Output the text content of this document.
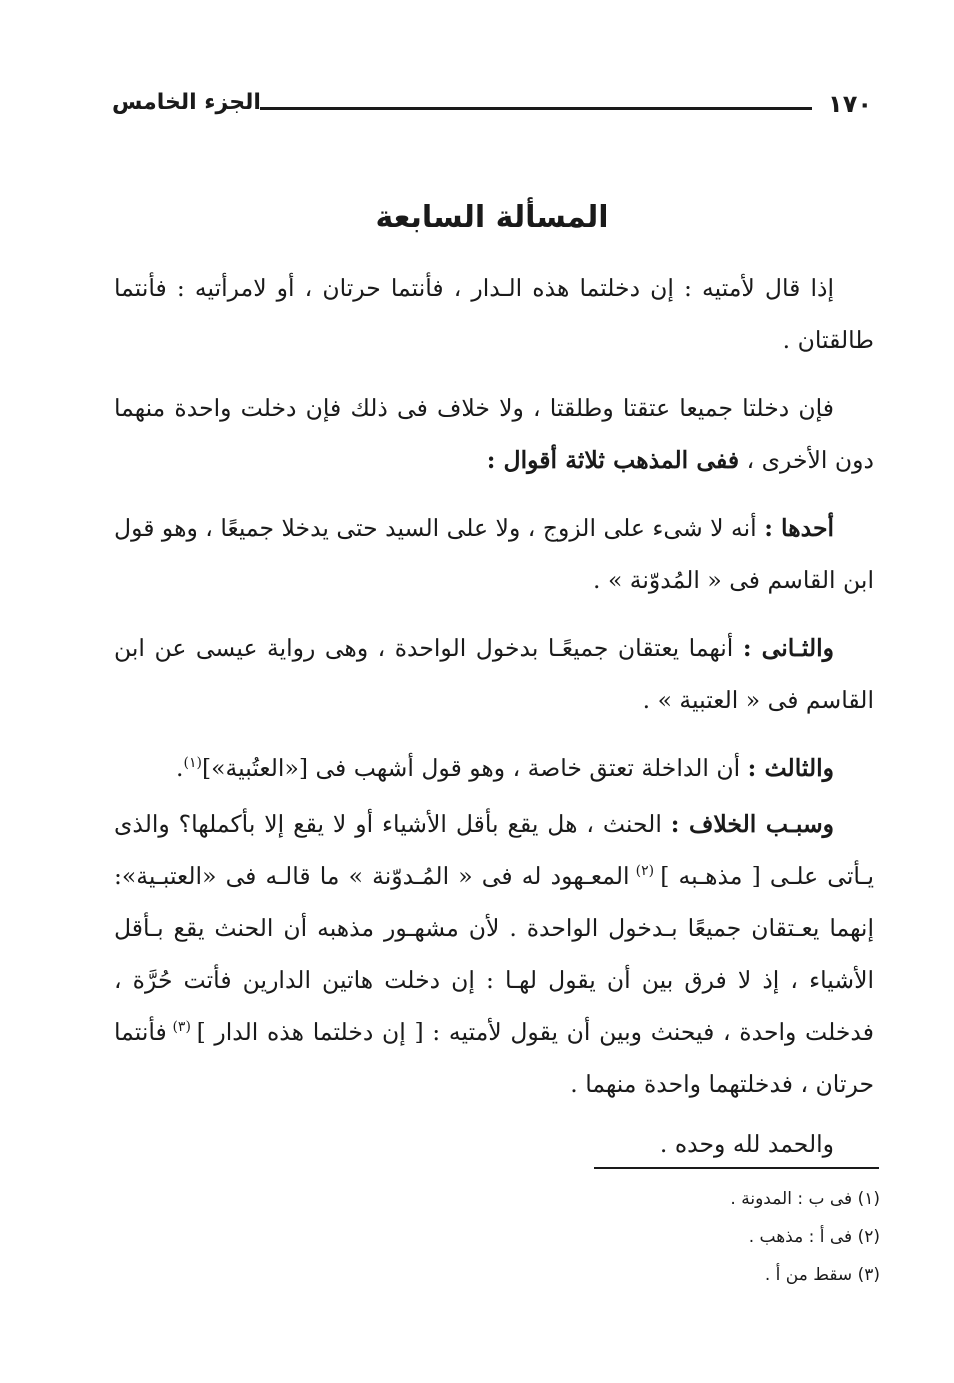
١٧٠
الجزء الخامس
المسألة السابعة

إذا قال لأمتيه : إن دخلتما هذه الـدار ، فأنتما حرتان ، أو لامرأتيه : فأنتما طالقتان .

فإن دخلتا جميعا عتقتا وطلقتا ، ولا خلاف فى ذلك فإن دخلت واحدة منهما دون الأخرى ، ففى المذهب ثلاثة أقوال :

أحدها : أنه لا شىء على الزوج ، ولا على السيد حتى يدخلا جميعًا ، وهو قول ابن القاسم فى « المُدوّنة » .

والثـانى : أنهما يعتقان جميعًـا بدخول الواحدة ، وهى رواية عيسى عن ابن القاسم فى « العتبية » .

والثالث : أن الداخلة تعتق خاصة ، وهو قول أشهب فى [«العتُبية»]$^{(١)}$.

وسبـب الخلاف : الحنث ، هل يقع بأقل الأشياء أو لا يقع إلا بأكملها؟ والذى يـأتى علـى [ مذهـبه ] $^{(٢)}$ المعـهود له فى « المُـدوّنة » ما قالـه فى «العتبـية»: إنهما يعـتقان جميعًا بـدخول الواحدة . لأن مشهـور مذهبه أن الحنث يقع بـأقل الأشياء ، إذ لا فرق بين أن يقول لهـا : إن دخلت هاتين الدارين فأتت حُرَّة ، فدخلت واحدة ، فيحنث وبين أن يقول لأمتيه : [ إن دخلتما هذه الدار ] $^{(٣)}$ فأنتما حرتان ، فدخلتهما واحدة منهما .

والحمد لله وحده .

(١) فى ب : المدونة .
(٢) فى أ : مذهب .
(٣) سقط من أ .
